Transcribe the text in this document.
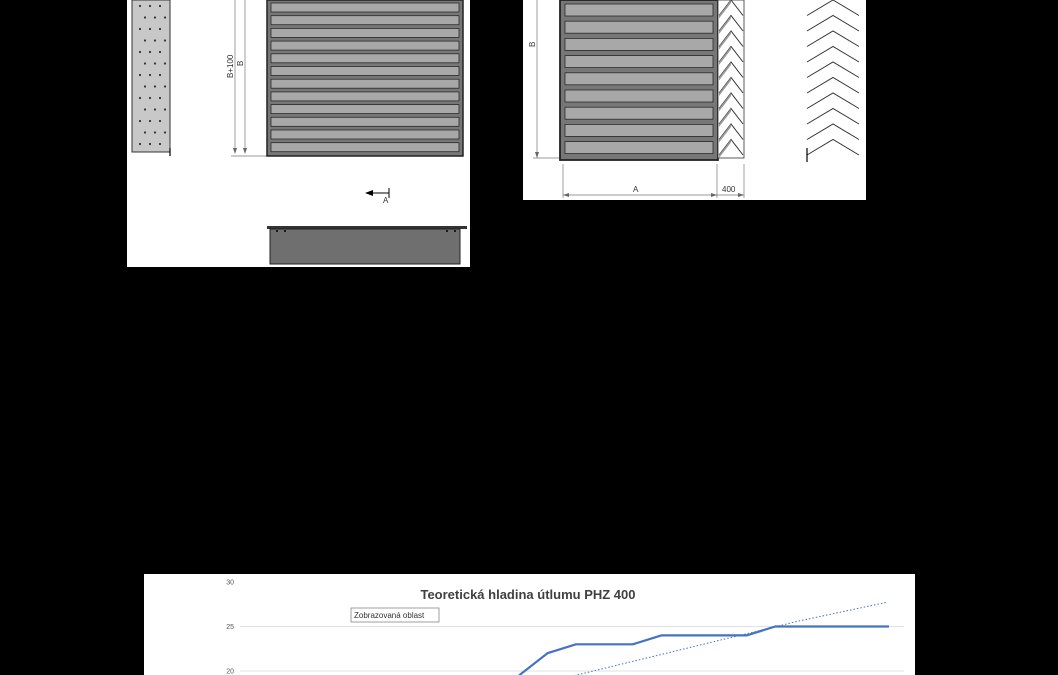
B+100 B
A
B
A	400
30
25
20
Teoretická hladina útlumu PHZ 400
Zobrazovaná oblast
